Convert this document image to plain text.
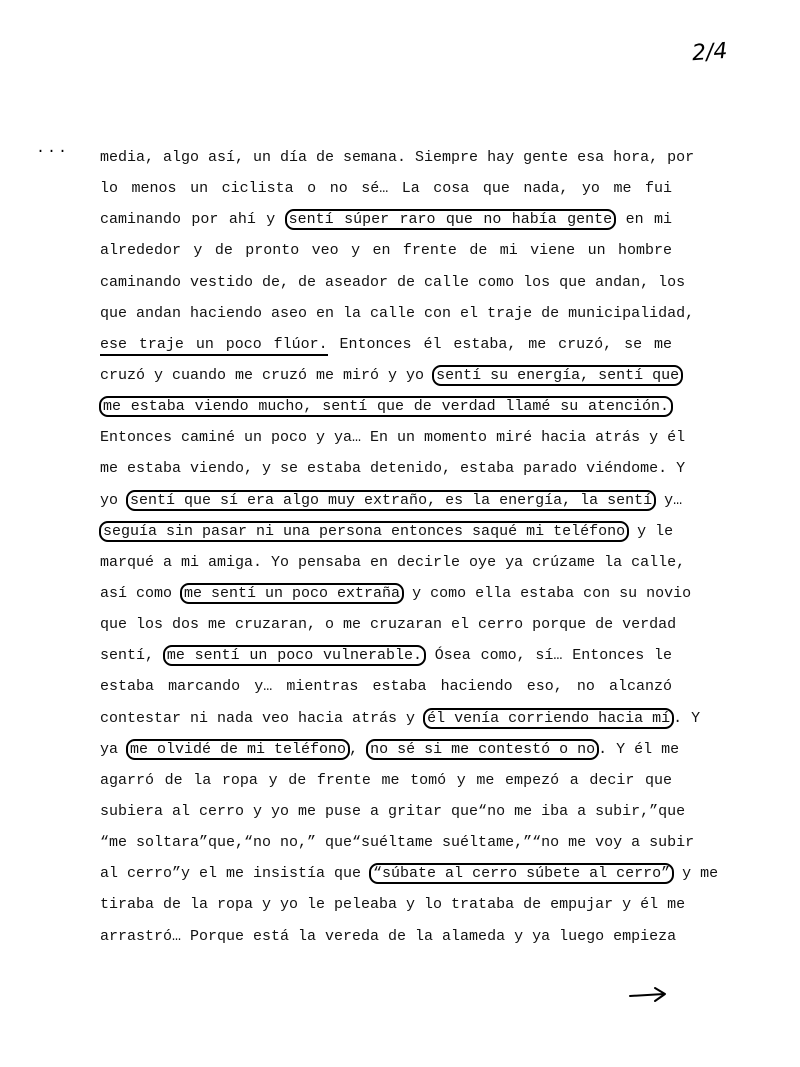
2/4
...
media, algo así, un día de semana. Siempre hay gente esa hora, por
lo menos un ciclista o no sé… La cosa que nada, yo me fui
caminando por ahí y sentí súper raro que no había gente en mi
alrededor y de pronto veo y en frente de mi viene un hombre
caminando vestido de, de aseador de calle como los que andan, los
que andan haciendo aseo en la calle con el traje de municipalidad,
ese traje un poco flúor. Entonces él estaba, me cruzó, se me
cruzó y cuando me cruzó me miró y yo sentí su energía, sentí que
me estaba viendo mucho, sentí que de verdad llamé su atención.
Entonces caminé un poco y ya… En un momento miré hacia atrás y él
me estaba viendo, y se estaba detenido, estaba parado viéndome. Y
yo sentí que sí era algo muy extraño, es la energía, la sentí y…
seguía sin pasar ni una persona entonces saqué mi teléfono y le
marqué a mi amiga. Yo pensaba en decirle oye ya crúzame la calle,
así como me sentí un poco extraña y como ella estaba con su novio
que los dos me cruzaran, o me cruzaran el cerro porque de verdad
sentí, me sentí un poco vulnerable. Ósea como, sí… Entonces le
estaba marcando y… mientras estaba haciendo eso, no alcanzó
contestar ni nada veo hacia atrás y él venía corriendo hacia mí . Y
ya me olvidé de mi teléfono , no sé si me contestó o no . Y él me
agarró de la ropa y de frente me tomó y me empezó a decir que
subiera al cerro y yo me puse a gritar que“no me iba a subir,”que
“me soltara”que,“no no,” que“suéltame suéltame,”“no me voy a subir
al cerro”y el me insistía que “súbate al cerro súbete al cerro” y me
tiraba de la ropa y yo le peleaba y lo trataba de empujar y él me
arrastró… Porque está la vereda de la alameda y ya luego empieza
